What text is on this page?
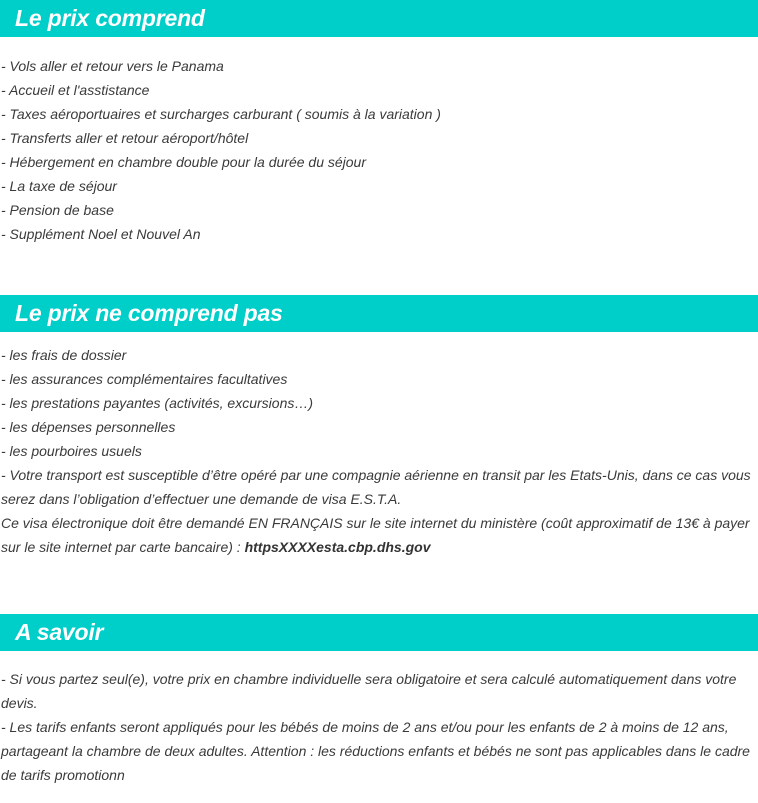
Le prix comprend
- Vols aller et retour vers le Panama
- Accueil et l'asstistance
- Taxes aéroportuaires et surcharges carburant ( soumis à la variation )
- Transferts aller et retour aéroport/hôtel
- Hébergement en chambre double pour la durée du séjour
- La taxe de séjour
- Pension de base
- Supplément Noel et Nouvel An
Le prix ne comprend pas
- les frais de dossier
- les assurances complémentaires facultatives
- les prestations payantes (activités, excursions…)
- les dépenses personnelles
- les pourboires usuels
- Votre transport est susceptible d’être opéré par une compagnie aérienne en transit par les Etats-Unis, dans ce cas vous serez dans l’obligation d’effectuer une demande de visa E.S.T.A.
Ce visa électronique doit être demandé EN FRANÇAIS sur le site internet du ministère (coût approximatif de 13€ à payer sur le site internet par carte bancaire) : httpsXXXXesta.cbp.dhs.gov
A savoir
- Si vous partez seul(e), votre prix en chambre individuelle sera obligatoire et sera calculé automatiquement dans votre devis.
- Les tarifs enfants seront appliqués pour les bébés de moins de 2 ans et/ou pour les enfants de 2 à moins de 12 ans, partageant la chambre de deux adultes. Attention : les réductions enfants et bébés ne sont pas applicables dans le cadre de tarifs promotionn
